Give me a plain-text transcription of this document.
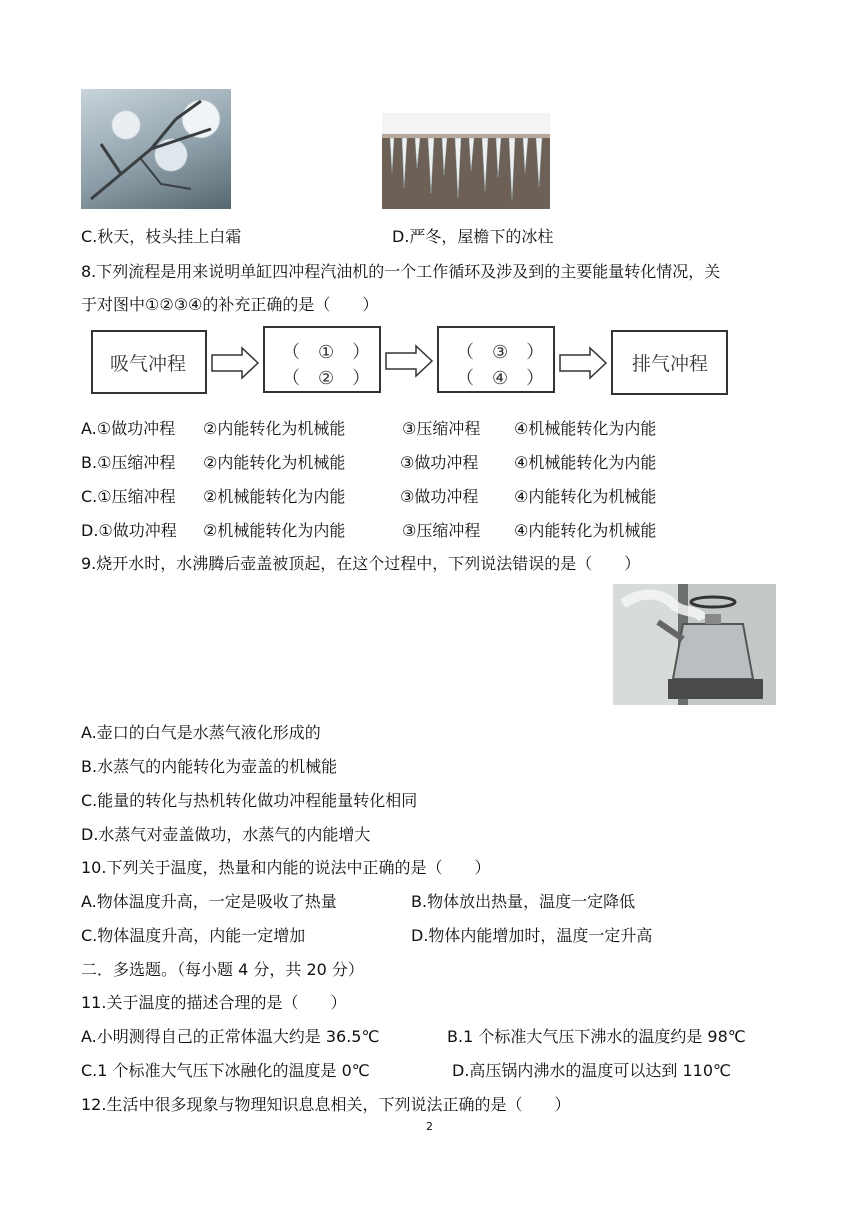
C.秋天，枝头挂上白霜	D.严冬，屋檐下的冰柱
8.下列流程是用来说明单缸四冲程汽油机的一个工作循环及涉及到的主要能量转化情况，关
于对图中①②③④的补充正确的是（　　）
吸气冲程
（　①　）
（　②　）
（　③　）
（　④　）
排气冲程
A.①做功冲程 ②内能转化为机械能	③压缩冲程 ④机械能转化为内能
B.①压缩冲程 ②内能转化为机械能	③做功冲程 ④机械能转化为内能
C.①压缩冲程 ②机械能转化为内能	③做功冲程 ④内能转化为机械能
D.①做功冲程 ②机械能转化为内能	③压缩冲程 ④内能转化为机械能
9.烧开水时，水沸腾后壶盖被顶起，在这个过程中，下列说法错误的是（　　）
A.壶口的白气是水蒸气液化形成的
B.水蒸气的内能转化为壶盖的机械能
C.能量的转化与热机转化做功冲程能量转化相同
D.水蒸气对壶盖做功，水蒸气的内能增大
10.下列关于温度，热量和内能的说法中正确的是（　　）
A.物体温度升高，一定是吸收了热量	B.物体放出热量，温度一定降低
C.物体温度升高，内能一定增加	D.物体内能增加时，温度一定升高
二．多选题。（每小题 4 分，共 20 分）
11.关于温度的描述合理的是（　　）
A.小明测得自己的正常体温大约是 36.5℃	B.1 个标准大气压下沸水的温度约是 98℃
C.1 个标准大气压下冰融化的温度是 0℃	D.高压锅内沸水的温度可以达到 110℃
12.生活中很多现象与物理知识息息相关，下列说法正确的是（　　）
2
